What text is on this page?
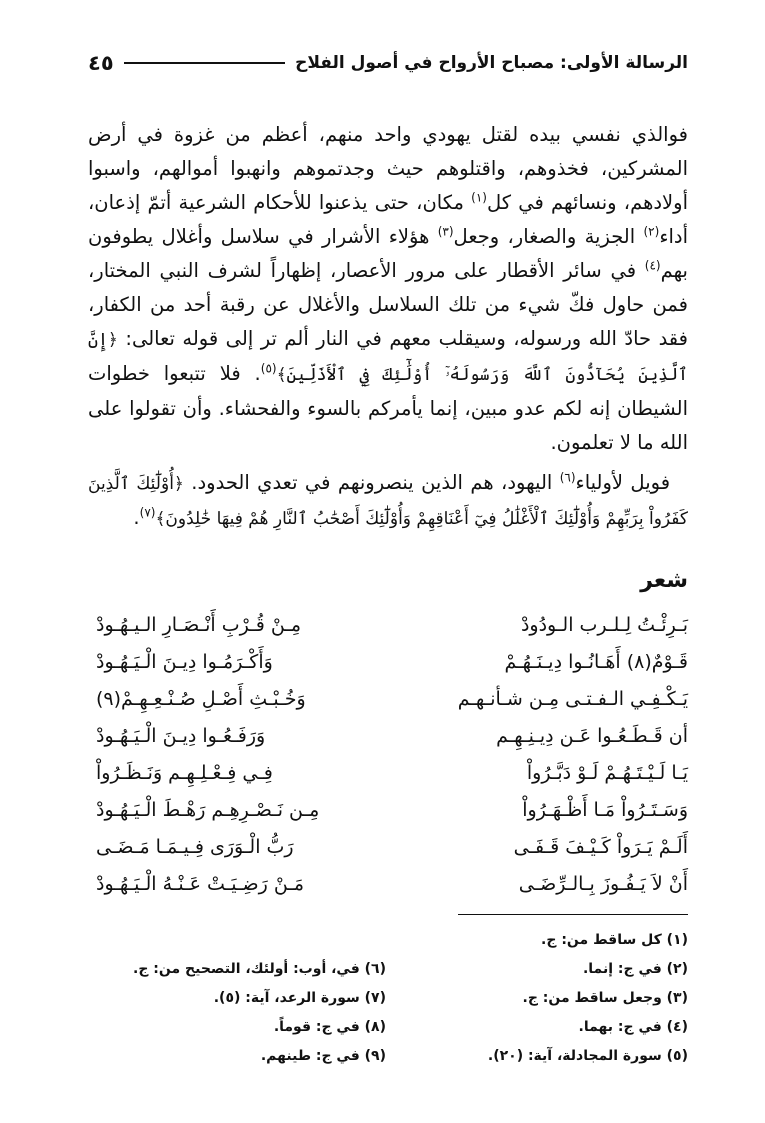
الرسالة الأولى: مصباح الأرواح في أصول الفلاح
٤٥

فوالذي نفسي بيده لقتل يهودي واحد منهم، أعظم من غزوة في أرض المشركين، فخذوهم، واقتلوهم حيث وجدتموهم وانهبوا أموالهم، واسبوا أولادهم، ونسائهم في كل$^{(١)}$ مكان، حتى يذعنوا للأحكام الشرعية أتمّ إذعان، أداء$^{(٢)}$ الجزية والصغار، وجعل$^{(٣)}$ هؤلاء الأشرار في سلاسل وأغلال يطوفون بهم$^{(٤)}$ في سائر الأقطار على مرور الأعصار، إظهاراً لشرف النبي المختار، فمن حاول فكّ شيء من تلك السلاسل والأغلال عن رقبة أحد من الكفار، فقد حادّ الله ورسوله، وسيقلب معهم في النار ألم تر إلى قوله تعالى: ﴿إِنَّ ٱلَّذِينَ يُحَآدُّونَ ٱللَّهَ وَرَسُولَهُۥٓ أُوْلَٰٓئِكَ فِي ٱلْأَذَلِّينَ﴾$^{(٥)}$. فلا تتبعوا خطوات الشيطان إنه لكم عدو مبين، إنما يأمركم بالسوء والفحشاء. وأن تقولوا على الله ما لا تعلمون.

فويل لأولياء$^{(٦)}$ اليهود، هم الذين ينصرونهم في تعدي الحدود. ﴿أُوْلَٰٓئِكَ ٱلَّذِينَ كَفَرُواْ بِرَبِّهِمْ وَأُوْلَٰٓئِكَ ٱلْأَغْلَٰلُ فِيٓ أَعْنَاقِهِمْ وَأُوْلَٰٓئِكَ أَصْحَٰبُ ٱلنَّارِ هُمْ فِيهَا خَٰلِدُونَ﴾$^{(٧)}$.

شعر
بَـرِئْـتُ لِـلـرب الـودُودْ
مِـنْ قُـرْبِ أَنْـصَـارِ الـيـهُـودْ
قَـوْمٌ(٨) أَهَـانُـوا دِيـنَـهُـمْ
وَأَكْـرَمُـوا دِيـنَ الْـيَـهُـودْ
يَـكْـفِـي الـفـتـى مِـن شـأنـهـم
وَخُـبْـثِ أَصْـلِ صُـنْـعِـهِـمْ(٩)
أن قَـطَـعُـوا عَـن دِيـنِـهِـم
وَرَفَـعُـوا دِيـنَ الْـيَـهُـودْ
يَـا لَـيْـتَـهُـمْ لَـوْ دَبَّـرُواْ
فِـي فِـعْـلِـهِـم وَنَـظَـرُواْ
وَسَـتَـرُواْ مَـا أَظْـهَـرُواْ
مِـن نَـصْـرِهِـم رَهْـطَ الْـيَـهُـودْ
أَلَـمْ يَـرَواْ كَـيْـفَ قَـفَـى
رَبُّ الْـوَرَى فِـيـمَـا مَـضَـى
أَنْ لاَ يَـفُـوزَ بِـالـرِّضَـى
مَـنْ رَضِـيَـتْ عَـنْـهُ الْـيَـهُـودْ
(١) كل ساقط من: ج.
(٢) في ج: إنما.
(٣) وجعل ساقط من: ج.
(٤) في ج: بهما.
(٥) سورة المجادلة، آية: (٢٠).
(٦) في، أوب: أولئك، التصحيح من: ج.
(٧) سورة الرعد، آية: (٥).
(٨) في ج: قوماً.
(٩) في ج: طينهم.
